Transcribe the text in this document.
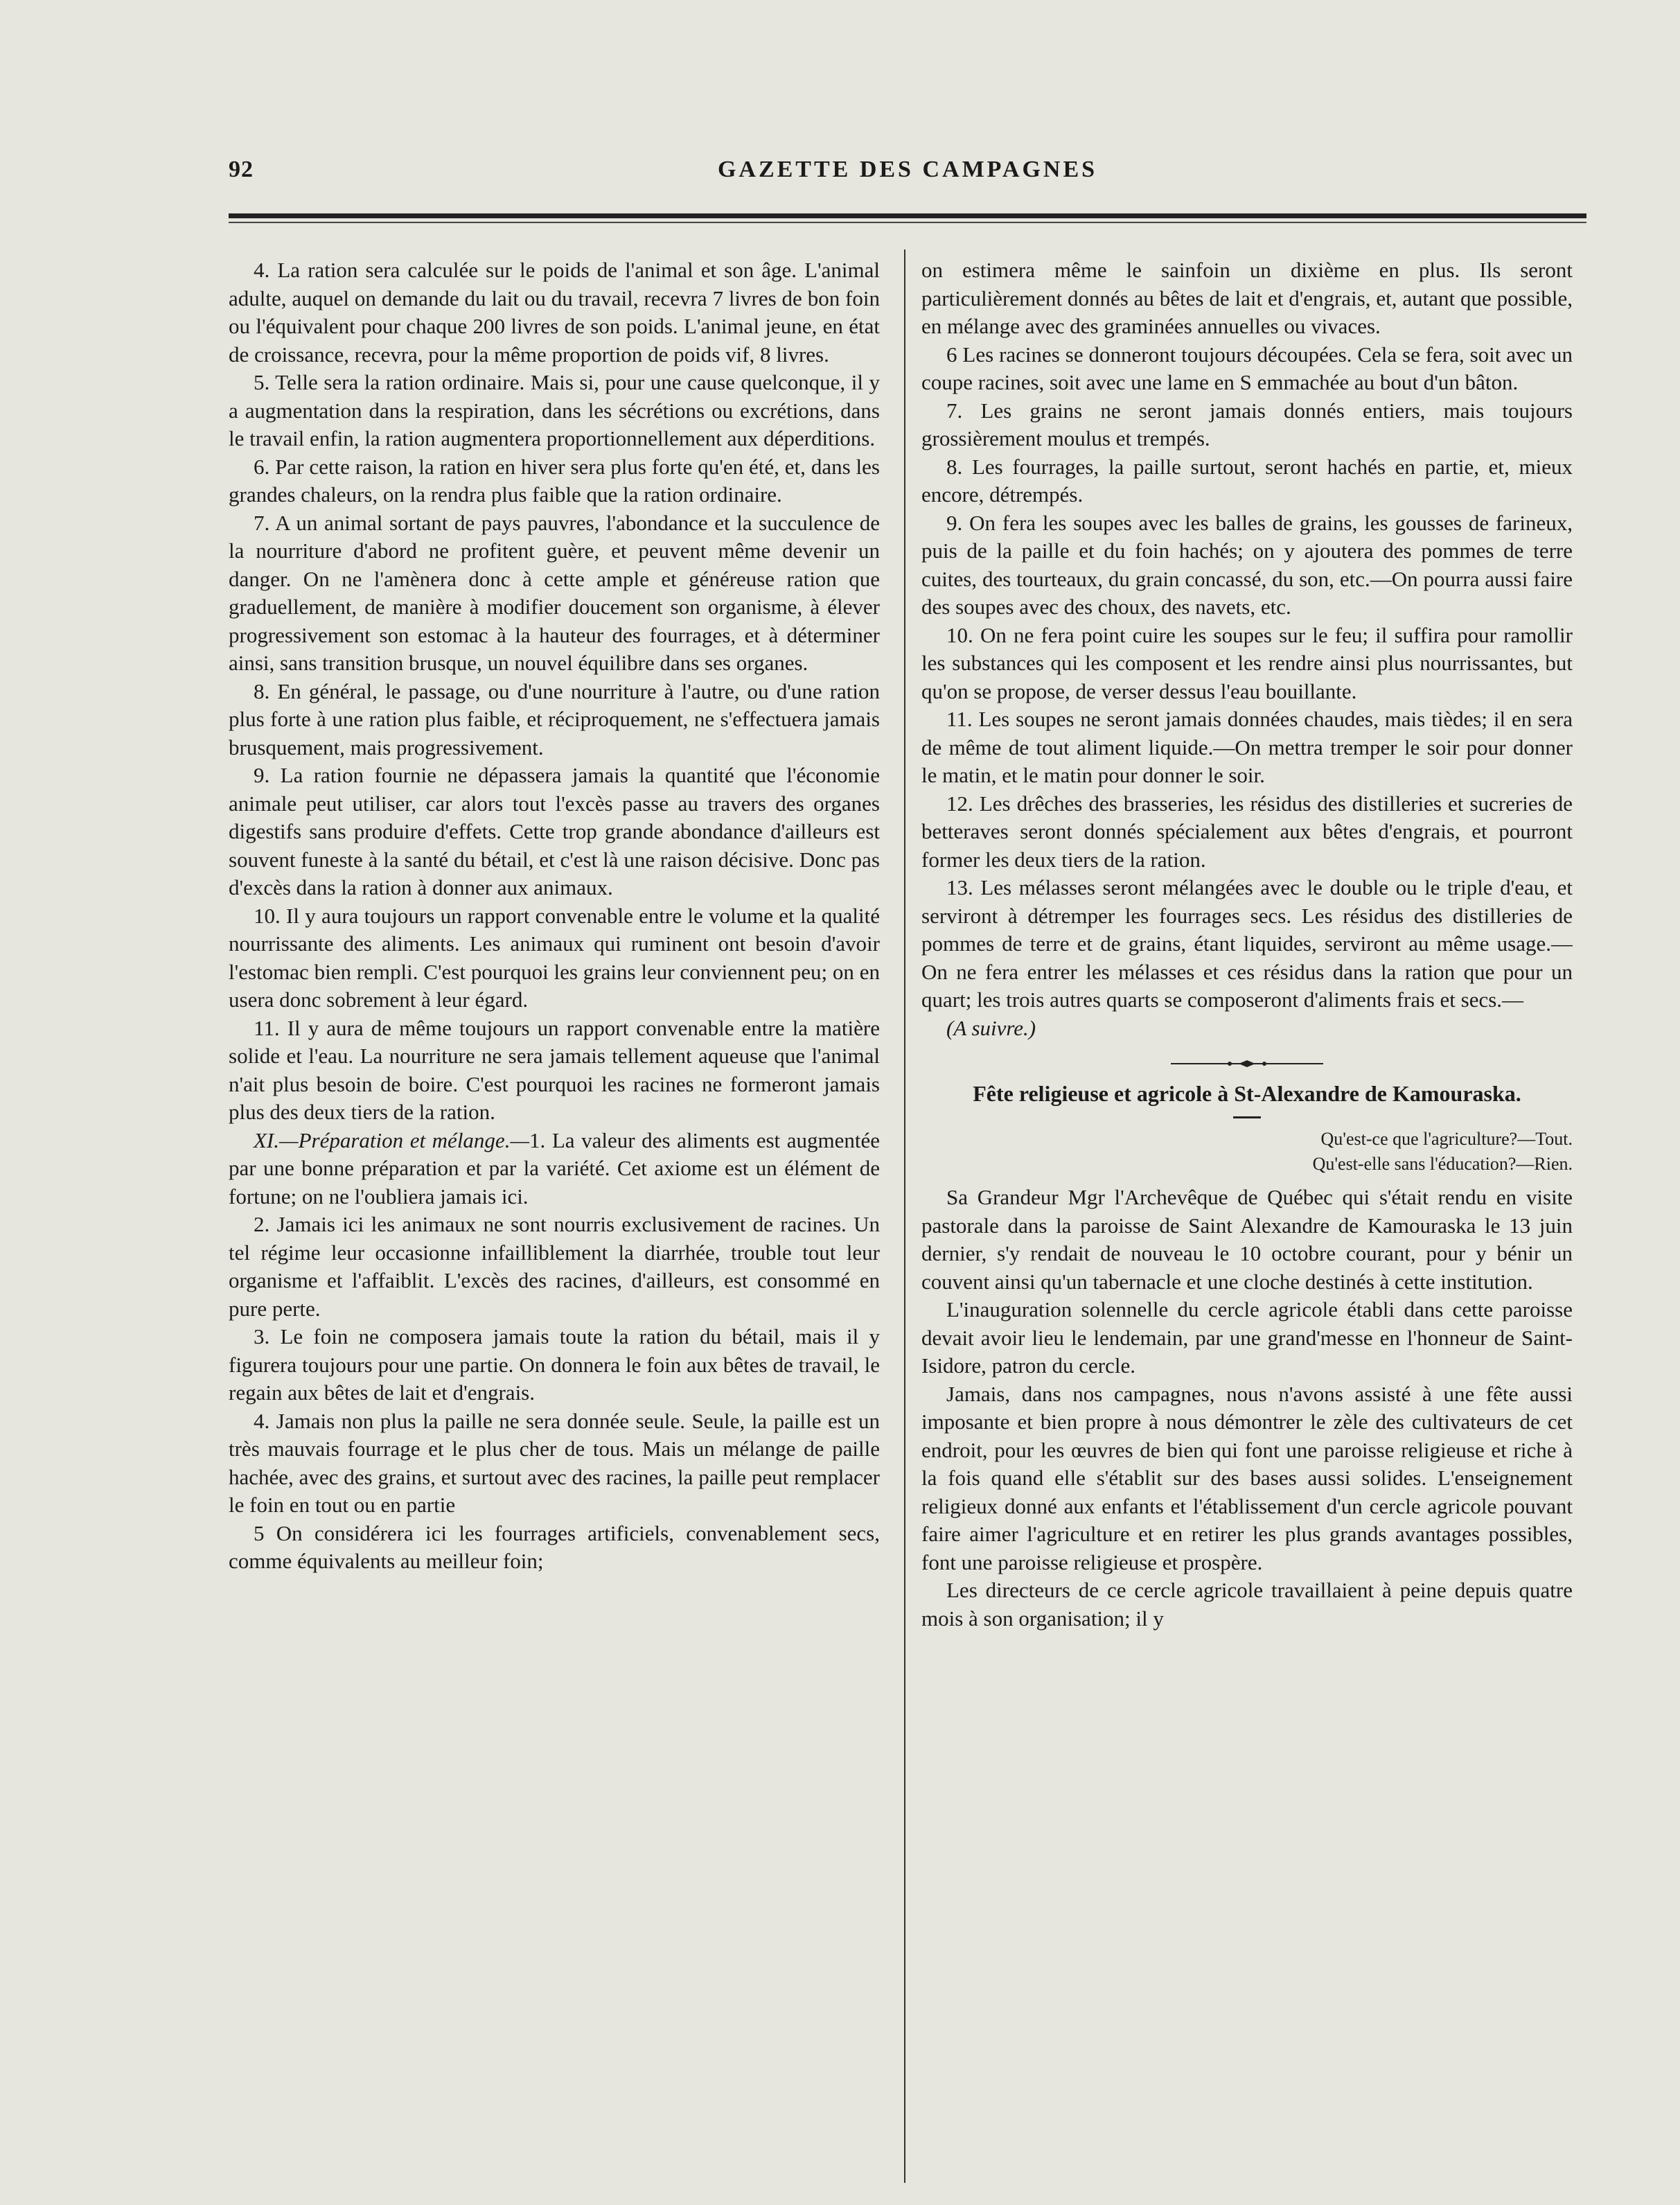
GAZETTE DES CAMPAGNES
92

4. La ration sera calculée sur le poids de l'animal et son âge. L'animal adulte, auquel on demande du lait ou du travail, recevra 7 livres de bon foin ou l'équivalent pour chaque 200 livres de son poids. L'animal jeune, en état de croissance, recevra, pour la même proportion de poids vif, 8 livres.

5. Telle sera la ration ordinaire. Mais si, pour une cause quelconque, il y a augmentation dans la respiration, dans les sécrétions ou excrétions, dans le travail enfin, la ration augmentera proportionnellement aux déperditions.

6. Par cette raison, la ration en hiver sera plus forte qu'en été, et, dans les grandes chaleurs, on la rendra plus faible que la ration ordinaire.

7. A un animal sortant de pays pauvres, l'abondance et la succulence de la nourriture d'abord ne profitent guère, et peuvent même devenir un danger. On ne l'amènera donc à cette ample et généreuse ration que graduellement, de manière à modifier doucement son organisme, à élever progressivement son estomac à la hauteur des fourrages, et à déterminer ainsi, sans transition brusque, un nouvel équilibre dans ses organes.

8. En général, le passage, ou d'une nourriture à l'autre, ou d'une ration plus forte à une ration plus faible, et réciproquement, ne s'effectuera jamais brusquement, mais progressivement.

9. La ration fournie ne dépassera jamais la quantité que l'économie animale peut utiliser, car alors tout l'excès passe au travers des organes digestifs sans produire d'effets. Cette trop grande abondance d'ailleurs est souvent funeste à la santé du bétail, et c'est là une raison décisive. Donc pas d'excès dans la ration à donner aux animaux.

10. Il y aura toujours un rapport convenable entre le volume et la qualité nourrissante des aliments. Les animaux qui ruminent ont besoin d'avoir l'estomac bien rempli. C'est pourquoi les grains leur conviennent peu; on en usera donc sobrement à leur égard.

11. Il y aura de même toujours un rapport convenable entre la matière solide et l'eau. La nourriture ne sera jamais tellement aqueuse que l'animal n'ait plus besoin de boire. C'est pourquoi les racines ne formeront jamais plus des deux tiers de la ration.

XI.—Préparation et mélange.—1. La valeur des aliments est augmentée par une bonne préparation et par la variété. Cet axiome est un élément de fortune; on ne l'oubliera jamais ici.

2. Jamais ici les animaux ne sont nourris exclusivement de racines. Un tel régime leur occasionne infailliblement la diarrhée, trouble tout leur organisme et l'affaiblit. L'excès des racines, d'ailleurs, est consommé en pure perte.

3. Le foin ne composera jamais toute la ration du bétail, mais il y figurera toujours pour une partie. On donnera le foin aux bêtes de travail, le regain aux bêtes de lait et d'engrais.

4. Jamais non plus la paille ne sera donnée seule. Seule, la paille est un très mauvais fourrage et le plus cher de tous. Mais un mélange de paille hachée, avec des grains, et surtout avec des racines, la paille peut remplacer le foin en tout ou en partie

5 On considérera ici les fourrages artificiels, convenablement secs, comme équivalents au meilleur foin;

on estimera même le sainfoin un dixième en plus. Ils seront particulièrement donnés au bêtes de lait et d'engrais, et, autant que possible, en mélange avec des graminées annuelles ou vivaces.

6 Les racines se donneront toujours découpées. Cela se fera, soit avec un coupe racines, soit avec une lame en S emmachée au bout d'un bâton.

7. Les grains ne seront jamais donnés entiers, mais toujours grossièrement moulus et trempés.

8. Les fourrages, la paille surtout, seront hachés en partie, et, mieux encore, détrempés.

9. On fera les soupes avec les balles de grains, les gousses de farineux, puis de la paille et du foin hachés; on y ajoutera des pommes de terre cuites, des tourteaux, du grain concassé, du son, etc.—On pourra aussi faire des soupes avec des choux, des navets, etc.

10. On ne fera point cuire les soupes sur le feu; il suffira pour ramollir les substances qui les composent et les rendre ainsi plus nourrissantes, but qu'on se propose, de verser dessus l'eau bouillante.

11. Les soupes ne seront jamais données chaudes, mais tièdes; il en sera de même de tout aliment liquide.—On mettra tremper le soir pour donner le matin, et le matin pour donner le soir.

12. Les drêches des brasseries, les résidus des distilleries et sucreries de betteraves seront donnés spécialement aux bêtes d'engrais, et pourront former les deux tiers de la ration.

13. Les mélasses seront mélangées avec le double ou le triple d'eau, et serviront à détremper les fourrages secs. Les résidus des distilleries de pommes de terre et de grains, étant liquides, serviront au même usage.—On ne fera entrer les mélasses et ces résidus dans la ration que pour un quart; les trois autres quarts se composeront d'aliments frais et secs.—

(A suivre.)

Fête religieuse et agricole à St-Alexandre de Kamouraska.
Qu'est-ce que l'agriculture?—Tout.
Qu'est-elle sans l'éducation?—Rien.

Sa Grandeur Mgr l'Archevêque de Québec qui s'était rendu en visite pastorale dans la paroisse de Saint Alexandre de Kamouraska le 13 juin dernier, s'y rendait de nouveau le 10 octobre courant, pour y bénir un couvent ainsi qu'un tabernacle et une cloche destinés à cette institution.

L'inauguration solennelle du cercle agricole établi dans cette paroisse devait avoir lieu le lendemain, par une grand'messe en l'honneur de Saint-Isidore, patron du cercle.

Jamais, dans nos campagnes, nous n'avons assisté à une fête aussi imposante et bien propre à nous démontrer le zèle des cultivateurs de cet endroit, pour les œuvres de bien qui font une paroisse religieuse et riche à la fois quand elle s'établit sur des bases aussi solides. L'enseignement religieux donné aux enfants et l'établissement d'un cercle agricole pouvant faire aimer l'agriculture et en retirer les plus grands avantages possibles, font une paroisse religieuse et prospère.

Les directeurs de ce cercle agricole travaillaient à peine depuis quatre mois à son organisation; il y
